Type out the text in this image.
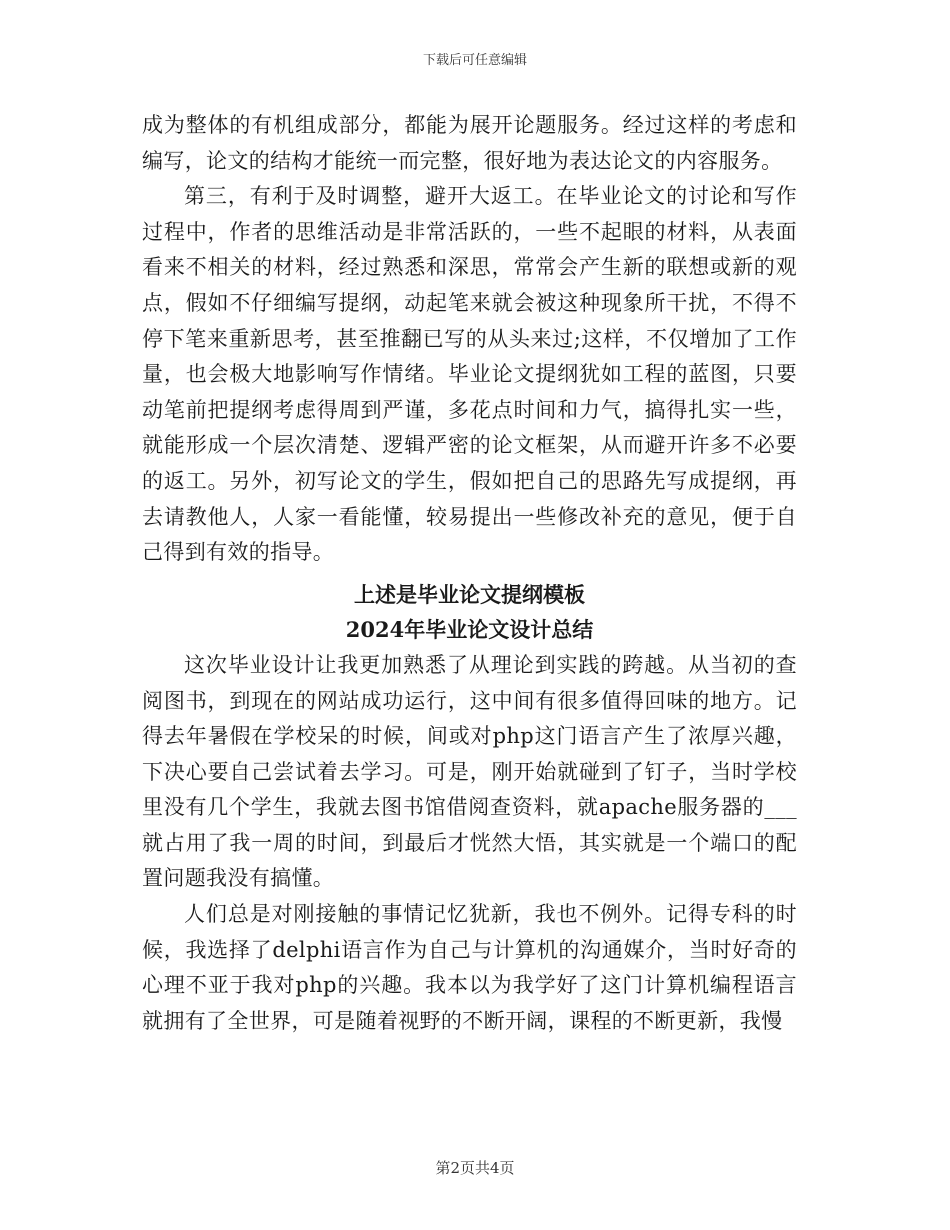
下载后可任意编辑

成为整体的有机组成部分，都能为展开论题服务。经过这样的考虑和编写，论文的结构才能统一而完整，很好地为表达论文的内容服务。

第三，有利于及时调整，避开大返工。在毕业论文的讨论和写作过程中，作者的思维活动是非常活跃的，一些不起眼的材料，从表面看来不相关的材料，经过熟悉和深思，常常会产生新的联想或新的观点，假如不仔细编写提纲，动起笔来就会被这种现象所干扰，不得不停下笔来重新思考，甚至推翻已写的从头来过;这样，不仅增加了工作量，也会极大地影响写作情绪。毕业论文提纲犹如工程的蓝图，只要动笔前把提纲考虑得周到严谨，多花点时间和力气，搞得扎实一些，就能形成一个层次清楚、逻辑严密的论文框架，从而避开许多不必要的返工。另外，初写论文的学生，假如把自己的思路先写成提纲，再去请教他人，人家一看能懂，较易提出一些修改补充的意见，便于自己得到有效的指导。

上述是毕业论文提纲模板
2024年毕业论文设计总结

这次毕业设计让我更加熟悉了从理论到实践的跨越。从当初的查阅图书，到现在的网站成功运行，这中间有很多值得回味的地方。记得去年暑假在学校呆的时候，间或对php这门语言产生了浓厚兴趣，下决心要自己尝试着去学习。可是，刚开始就碰到了钉子，当时学校里没有几个学生，我就去图书馆借阅查资料，就apache服务器的___就占用了我一周的时间，到最后才恍然大悟，其实就是一个端口的配置问题我没有搞懂。

人们总是对刚接触的事情记忆犹新，我也不例外。记得专科的时候，我选择了delphi语言作为自己与计算机的沟通媒介，当时好奇的心理不亚于我对php的兴趣。我本以为我学好了这门计算机编程语言就拥有了全世界，可是随着视野的不断开阔，课程的不断更新，我慢

第2页共4页
